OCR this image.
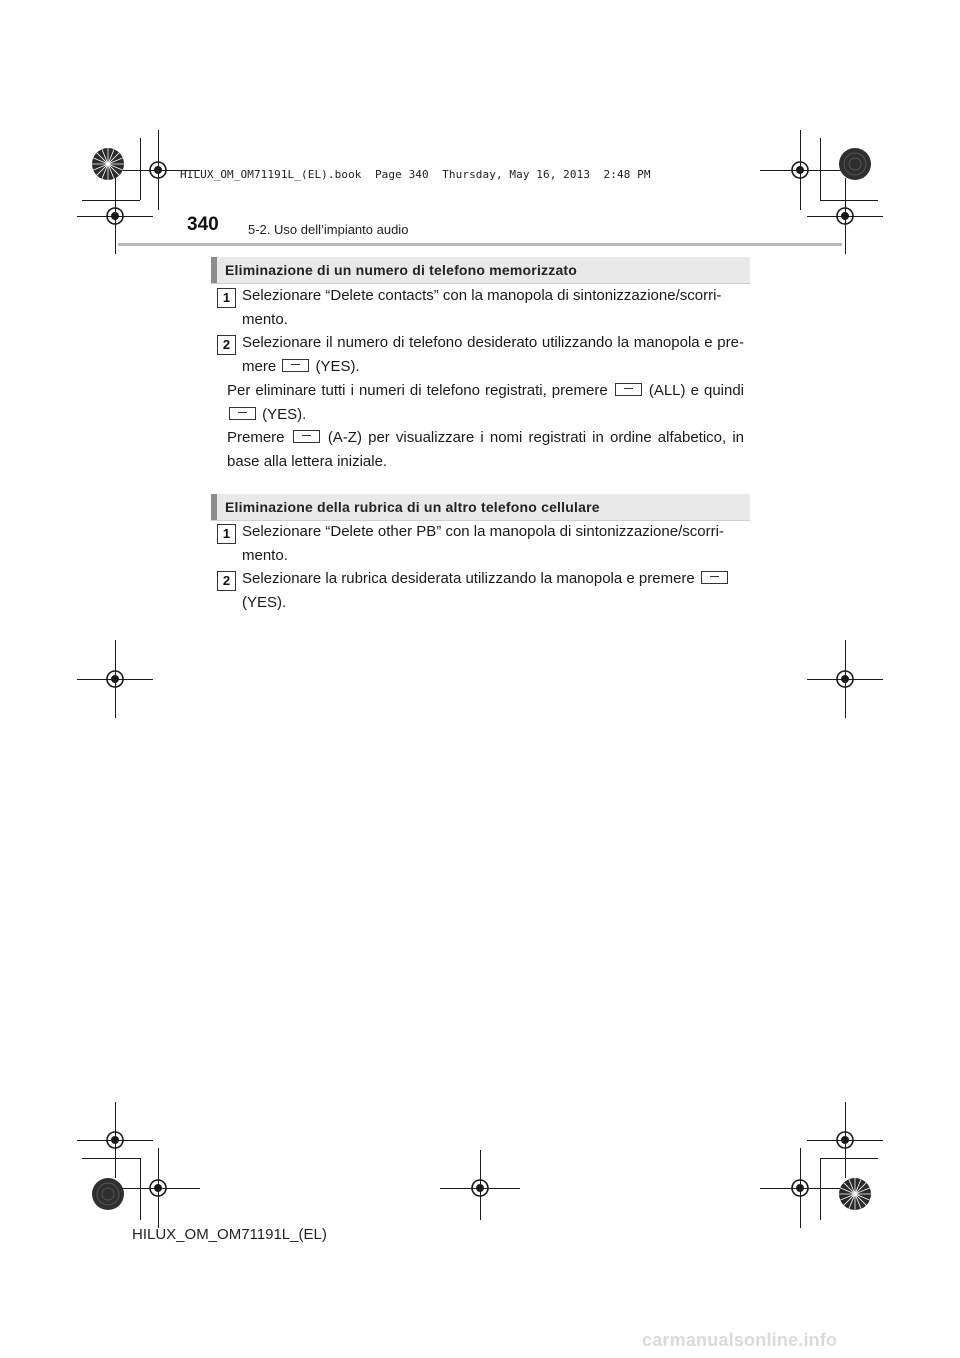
HILUX_OM_OM71191L_(EL).book  Page 340  Thursday, May 16, 2013  2:48 PM
340 5-2. Uso dell’impianto audio
Eliminazione di un numero di telefono memorizzato
1 Selezionare “Delete contacts” con la manopola di sintonizzazione/scorri-
mento.
2 Selezionare il numero di telefono desiderato utilizzando la manopola e pre- mere	(YES).
Per eliminare tutti i numeri di telefono registrati, premere	(ALL) e quindi  (YES).
Premere	(A-Z) per visualizzare i nomi registrati in ordine alfabetico, in base alla lettera iniziale.
Eliminazione della rubrica di un altro telefono cellulare
1 Selezionare “Delete other PB” con la manopola di sintonizzazione/scorri-
mento.
2 Selezionare la rubrica desiderata utilizzando la manopola e premere
(YES).
HILUX_OM_OM71191L_(EL)
carmanualsonline.info
